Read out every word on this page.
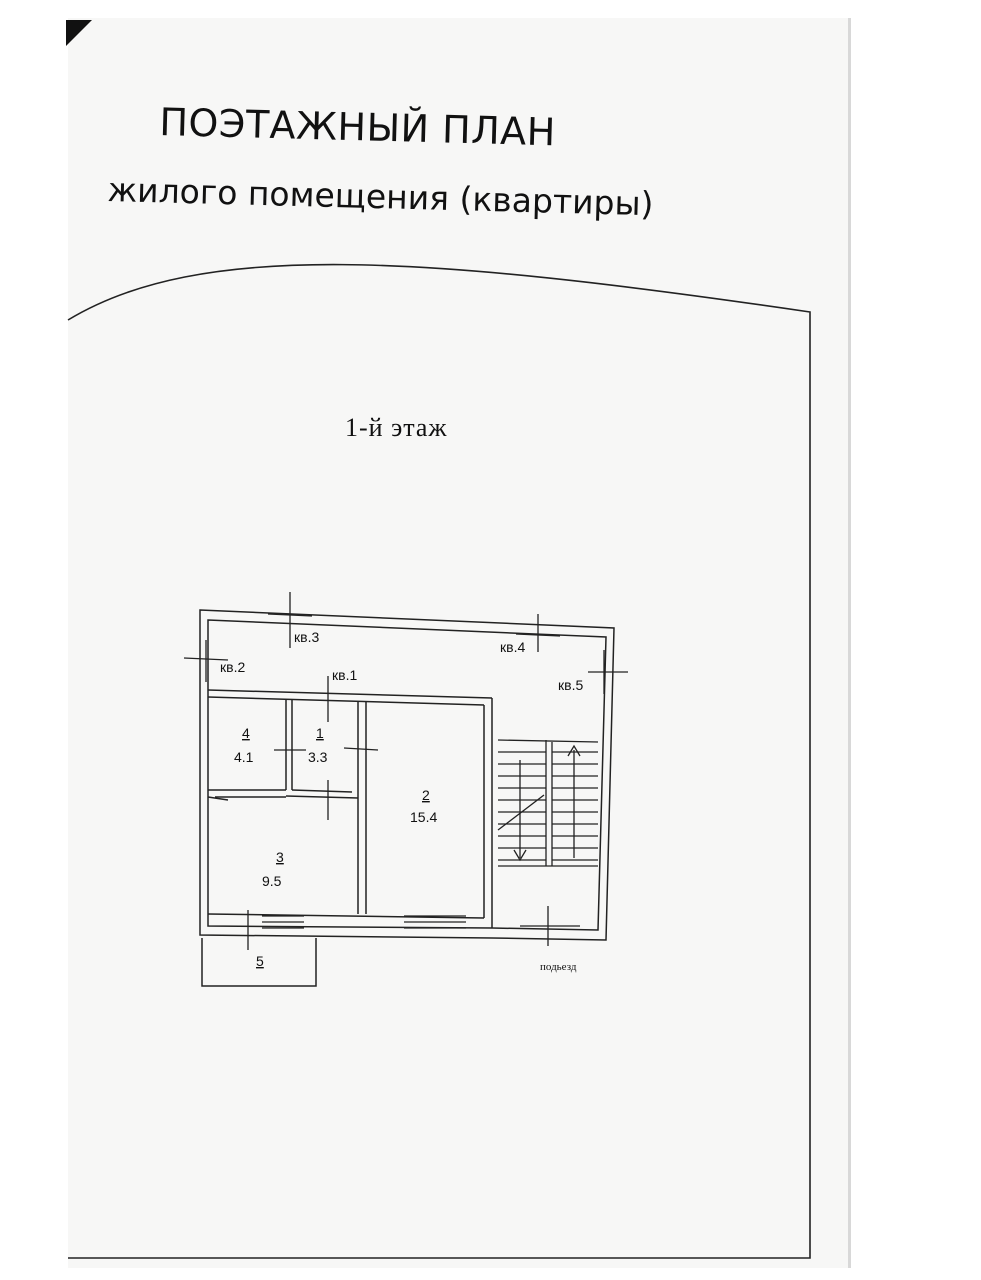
ПОЭТАЖНЫЙ ПЛАН
жилого помещения (квартиры)
1-й этаж
кв.3
кв.4
кв.2	кв.1
кв.5
4
4.1
1
3.3
2
15.4
3
9.5
5	подьезд
